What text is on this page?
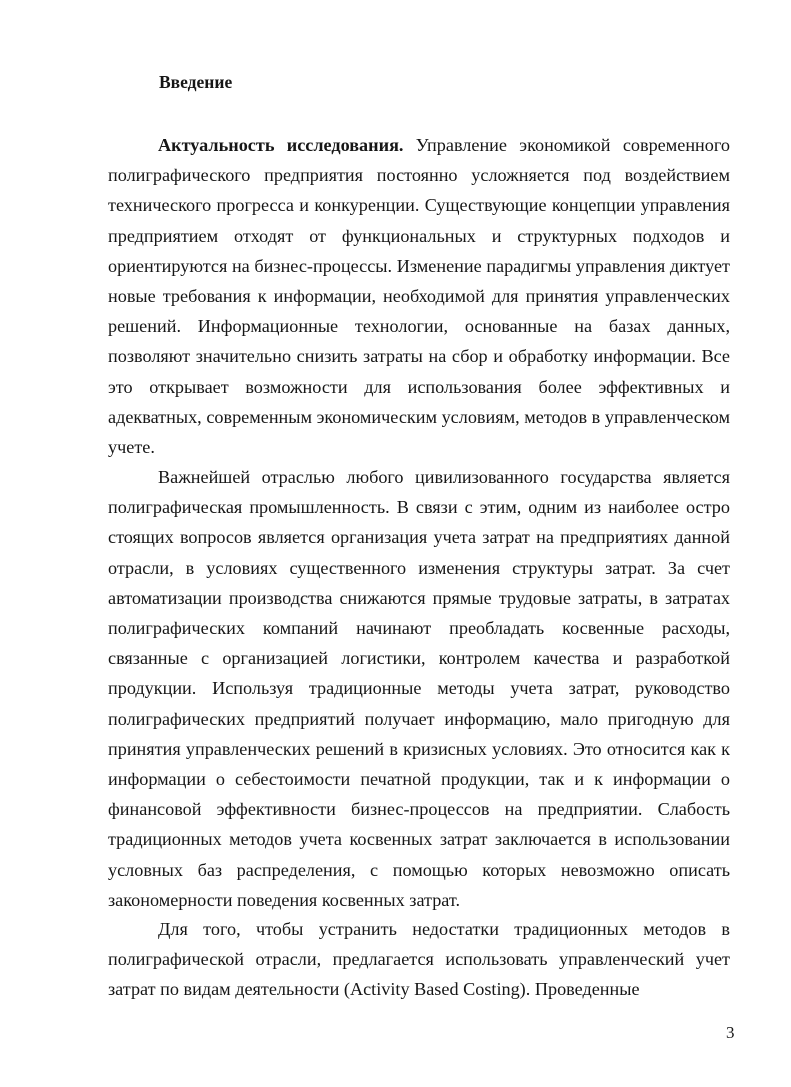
Введение

Актуальность исследования. Управление экономикой современного полиграфического предприятия постоянно усложняется под воздействием технического прогресса и конкуренции. Существующие концепции управления предприятием отходят от функциональных и структурных подходов и ориентируются на бизнес-процессы. Изменение парадигмы управления диктует новые требования к информации, необходимой для принятия управленческих решений. Информационные технологии, основанные на базах данных, позволяют значительно снизить затраты на сбор и обработку информации. Все это открывает возможности для использования более эффективных и адекватных, современным экономическим условиям, методов в управленческом учете.

Важнейшей отраслью любого цивилизованного государства является полиграфическая промышленность. В связи с этим, одним из наиболее остро стоящих вопросов является организация учета затрат на предприятиях данной отрасли, в условиях существенного изменения структуры затрат. За счет автоматизации производства снижаются прямые трудовые затраты, в затратах полиграфических компаний начинают преобладать косвенные расходы, связанные с организацией логистики, контролем качества и разработкой продукции. Используя традиционные методы учета затрат, руководство полиграфических предприятий получает информацию, мало пригодную для принятия управленческих решений в кризисных условиях. Это относится как к информации о себестоимости печатной продукции, так и к информации о финансовой эффективности бизнес-процессов на предприятии. Слабость традиционных методов учета косвенных затрат заключается в использовании условных баз распределения, с помощью которых невозможно описать закономерности поведения косвенных затрат.

Для того, чтобы устранить недостатки традиционных методов в полиграфической отрасли, предлагается использовать управленческий учет затрат по видам деятельности (Activity Based Costing). Проведенные

3
